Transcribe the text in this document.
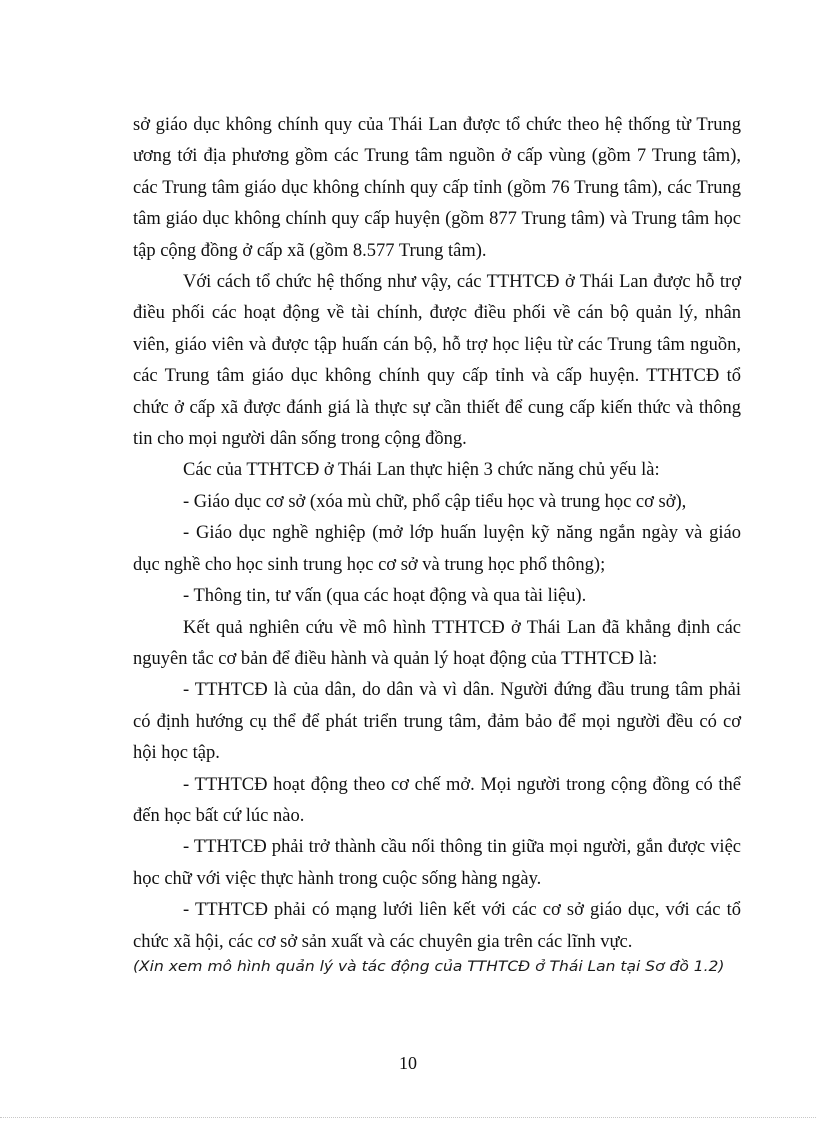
sở giáo dục không chính quy của Thái Lan được tổ chức theo hệ thống từ Trung ương tới địa phương gồm các Trung tâm nguồn ở cấp vùng (gồm 7 Trung tâm), các Trung tâm giáo dục không chính quy cấp tỉnh (gồm 76 Trung tâm), các Trung tâm giáo dục không chính quy cấp huyện (gồm 877 Trung tâm) và Trung tâm học tập cộng đồng ở cấp xã (gồm 8.577 Trung tâm).

Với cách tổ chức hệ thống như vậy, các TTHTCĐ ở Thái Lan được hỗ trợ điều phối các hoạt động về tài chính, được điều phối về cán bộ quản lý, nhân viên, giáo viên và được tập huấn cán bộ, hỗ trợ học liệu từ các Trung tâm nguồn, các Trung tâm giáo dục không chính quy cấp tỉnh và cấp huyện. TTHTCĐ tổ chức ở cấp xã được đánh giá là thực sự cần thiết để cung cấp kiến thức và thông tin cho mọi người dân sống trong cộng đồng.

Các của TTHTCĐ ở Thái Lan thực hiện 3 chức năng chủ yếu là:

- Giáo dục cơ sở (xóa mù chữ, phổ cập tiểu học và trung học cơ sở),

- Giáo dục nghề nghiệp (mở lớp huấn luyện kỹ năng ngắn ngày và giáo dục nghề cho học sinh trung học cơ sở và trung học phổ thông);

- Thông tin, tư vấn (qua các hoạt động và qua tài liệu).

Kết quả nghiên cứu về mô hình TTHTCĐ ở Thái Lan đã khẳng định các nguyên tắc cơ bản để điều hành và quản lý hoạt động của TTHTCĐ là:

- TTHTCĐ là của dân, do dân và vì dân. Người đứng đầu trung tâm phải có định hướng cụ thể để phát triển trung tâm, đảm bảo để mọi người đều có cơ hội học tập.

- TTHTCĐ hoạt động theo cơ chế mở. Mọi người trong cộng đồng có thể đến học bất cứ lúc nào.

- TTHTCĐ phải trở thành cầu nối thông tin giữa mọi người, gắn được việc học chữ với việc thực hành trong cuộc sống hàng ngày.

- TTHTCĐ phải có mạng lưới liên kết với các cơ sở giáo dục, với các tổ chức xã hội, các cơ sở sản xuất và các chuyên gia trên các lĩnh vực.

(Xin xem mô hình quản lý và tác động của TTHTCĐ ở Thái Lan tại Sơ đồ 1.2)

10
